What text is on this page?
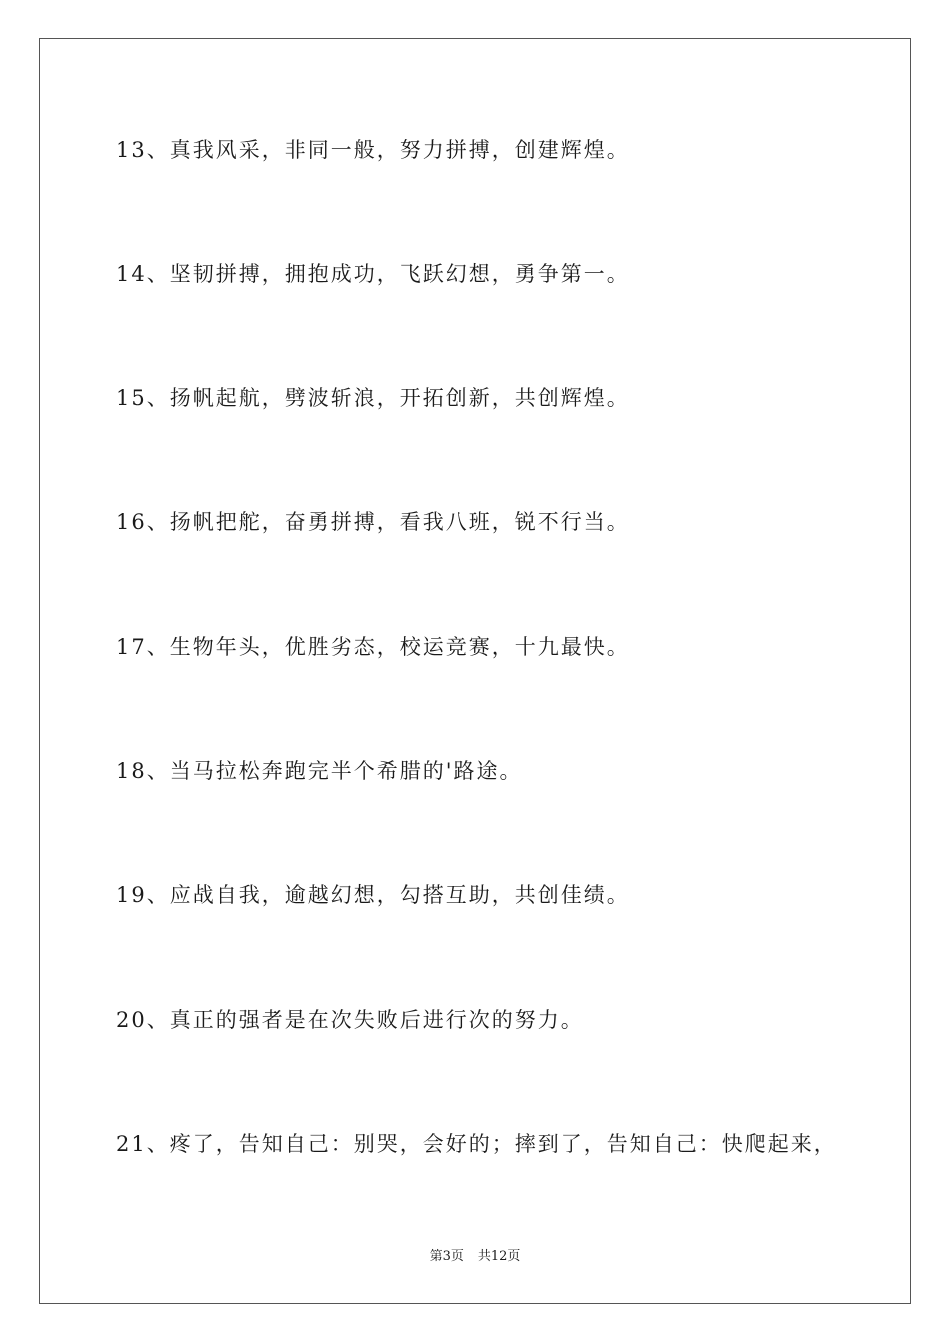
13、真我风采，非同一般，努力拼搏，创建辉煌。
14、坚韧拼搏，拥抱成功，飞跃幻想，勇争第一。
15、扬帆起航，劈波斩浪，开拓创新，共创辉煌。
16、扬帆把舵，奋勇拼搏，看我八班，锐不行当。
17、生物年头，优胜劣态，校运竞赛，十九最快。
18、当马拉松奔跑完半个希腊的'路途。
19、应战自我，逾越幻想，勾搭互助，共创佳绩。
20、真正的强者是在次失败后进行次的努力。
21、疼了，告知自己：别哭，会好的；摔到了，告知自己：快爬起来，
第3页 共12页
